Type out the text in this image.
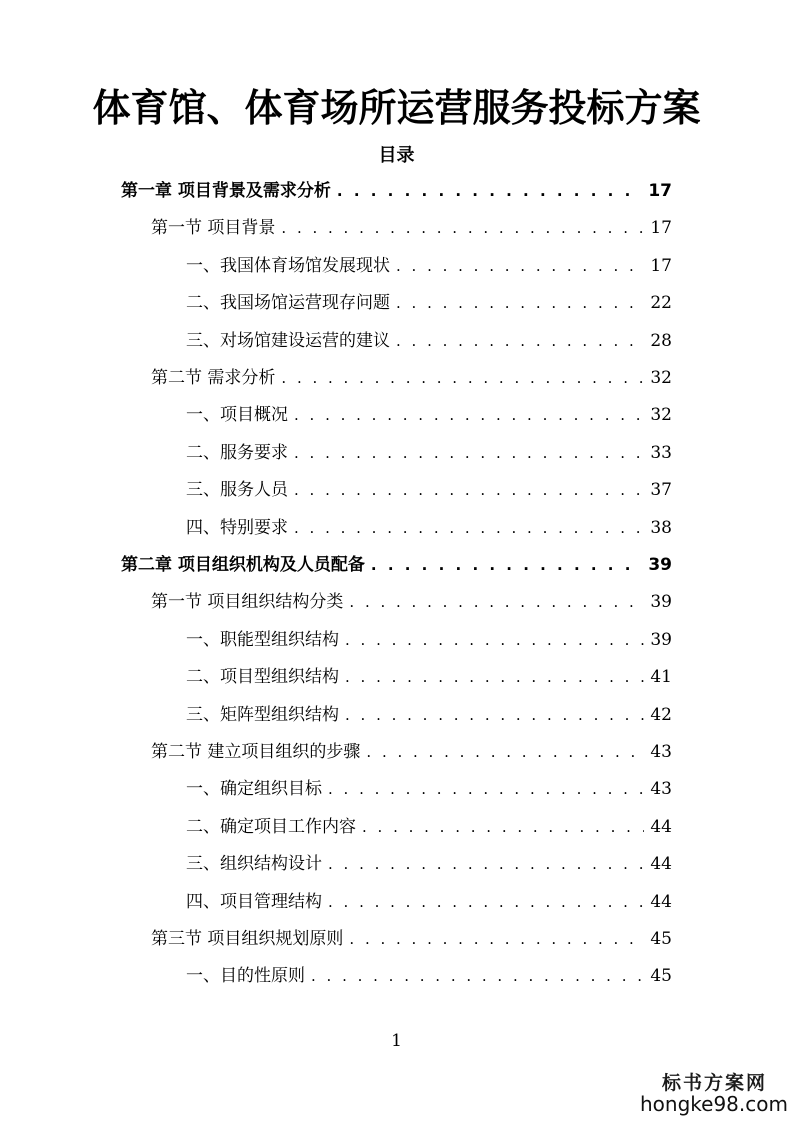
体育馆、体育场所运营服务投标方案
目录
第一章 项目背景及需求分析 . . .	17
第一节 项目背景 . . .	17
一、我国体育场馆发展现状 . . .	17
二、我国场馆运营现存问题 . . .	22
三、对场馆建设运营的建议 . . .	28
第二节 需求分析 . . .	32
一、项目概况 . . .	32
二、服务要求 . . .	33
三、服务人员 . . .	37
四、特别要求 . . .	38
第二章 项目组织机构及人员配备 . . .	39
第一节 项目组织结构分类 . . .	39
一、职能型组织结构 . . .	39
二、项目型组织结构 . . .	41
三、矩阵型组织结构 . . .	42
第二节 建立项目组织的步骤 . . .	43
一、确定组织目标 . . .	43
二、确定项目工作内容 . . .	44
三、组织结构设计 . . .	44
四、项目管理结构 . . .	44
第三节 项目组织规划原则 . . .	45
一、目的性原则 . . .	45
1
标书方案网
hongke98.com
